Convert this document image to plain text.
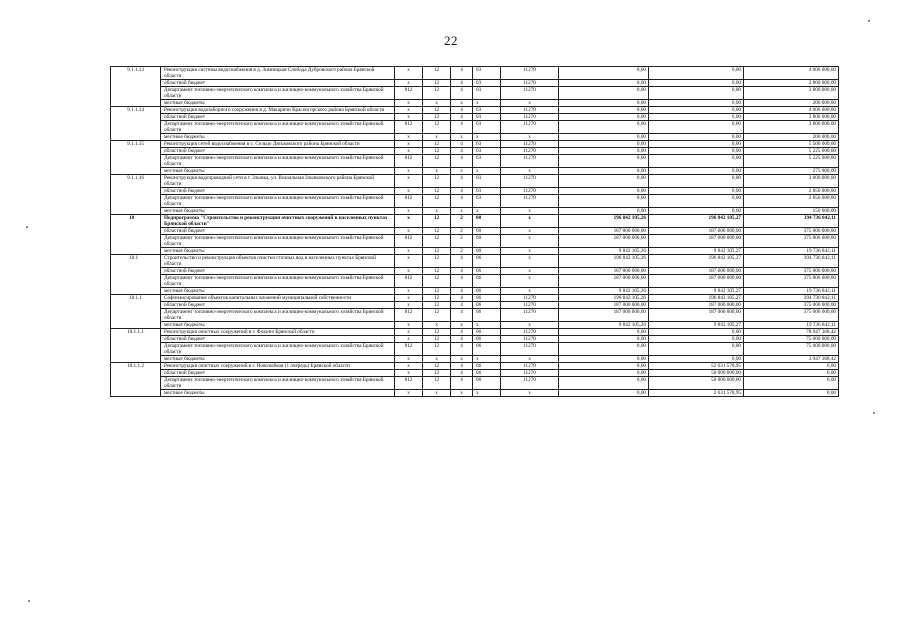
22
9.1.1.13	Реконструкция системы водоснабжения в д. Зимницкая Слобода Дубровского района Брянской области	x	12	4	03	11270	0,00	0,00	4 000 000,00
	областной бюджет	x	12	4	03	11270	0,00	0,00	3 800 000,00
	Департамент топливно-энергетического комплекса и жилищно-коммунального хозяйства Брянской области	812	12	4	03	11270	0,00	0,00	3 800 000,00
	местные бюджеты	x	x	x	x	x	0,00	0,00	200 000,00
9.1.1.14	Реконструкция водозаборного сооружения в д. Макаричи Красногорского района Брянской области	x	12	4	03	11270	0,00	0,00	4 000 000,00
	областной бюджет	x	12	4	03	11270	0,00	0,00	3 800 000,00
	Департамент топливно-энергетического комплекса и жилищно-коммунального хозяйства Брянской области	812	12	4	03	11270	0,00	0,00	3 800 000,00
	местные бюджеты	x	x	x	x	x	0,00	0,00	200 000,00
9.1.1.15	Реконструкция сетей водоснабжения в с. Сельцо Дятьковского района Брянской области	x	12	4	03	11270	0,00	0,00	5 500 000,00
	областной бюджет	x	12	4	03	11270	0,00	0,00	5 225 000,00
	Департамент топливно-энергетического комплекса и жилищно-коммунального хозяйства Брянской области	812	12	4	03	11270	0,00	0,00	5 225 000,00
	местные бюджеты	x	x	x	x	x	0,00	0,00	275 000,00
9.1.1.16	Реконструкция водопроводной сети в г. Злынка, ул. Вокзальная Злынковского района Брянской области	x	12	4	03	11270	0,00	0,00	3 000 000,00
	областной бюджет	x	12	4	03	11270	0,00	0,00	2 850 000,00
	Департамент топливно-энергетического комплекса и жилищно-коммунального хозяйства Брянской области	812	12	4	03	11270	0,00	0,00	2 850 000,00
	местные бюджеты	x	x	x	x	x	0,00	0,00	150 000,00
10	Подпрограмма "Строительство и реконструкция очистных сооружений в населенных пунктах Брянской области"	x	12	2	00	x	196 842 105,26	196 842 105,27	394 736 842,11
	областной бюджет	x	12	2	00	x	187 000 000,00	187 000 000,00	375 000 000,00
	Департамент топливно-энергетического комплекса и жилищно-коммунального хозяйства Брянской области	812	12	2	00	x	187 000 000,00	187 000 000,00	375 000 000,00
	местные бюджеты	x	12	2	00	x	9 842 105,26	9 842 105,27	19 736 842,11
10.1	Строительство и реконструкция объектов очистки сточных вод в населенных пунктах Брянской области	x	12	4	06	x	196 842 105,26	196 842 105,27	394 736 842,11
	областной бюджет	x	12	4	06	x	187 000 000,00	187 000 000,00	375 000 000,00
	Департамент топливно-энергетического комплекса и жилищно-коммунального хозяйства Брянской области	812	12	4	06	x	187 000 000,00	187 000 000,00	375 000 000,00
	местные бюджеты	x	12	4	06	x	9 842 105,26	9 842 105,27	19 736 842,11
10.1.1	Софинансирование объектов капитальных вложений муниципальной собственности	x	12	4	06	11270	196 842 105,26	196 842 105,27	394 736 842,11
	областной бюджет	x	12	4	06	11270	187 000 000,00	187 000 000,00	375 000 000,00
	Департамент топливно-энергетического комплекса и жилищно-коммунального хозяйства Брянской области	812	12	4	06	11270	187 000 000,00	187 000 000,00	375 000 000,00
	местные бюджеты	x	x	x	x	x	9 842 105,26	9 842 105,27	19 736 842,11
10.1.1.1	Реконструкция очистных сооружений в г. Фокино Брянской области	x	12	4	06	11270	0,00	0,00	78 947 368,42
	областной бюджет	x	12	4	06	11270	0,00	0,00	75 000 000,00
	Департамент топливно-энергетического комплекса и жилищно-коммунального хозяйства Брянской области	812	12	4	06	11270	0,00	0,00	75 000 000,00
	местные бюджеты	x	x	x	x	x	0,00	0,00	3 947 368,42
10.1.1.2	Реконструкция очистных сооружений в г. Новозыбков (1 очередь) Брянской области	x	12	4	06	11270	0,00	52 631 578,95	0,00
	областной бюджет	x	12	4	06	11270	0,00	50 000 000,00	0,00
	Департамент топливно-энергетического комплекса и жилищно-коммунального хозяйства Брянской области	812	12	4	06	11270	0,00	50 000 000,00	0,00
	местные бюджеты	x	x	x	x	x	0,00	2 631 578,95	0,00
